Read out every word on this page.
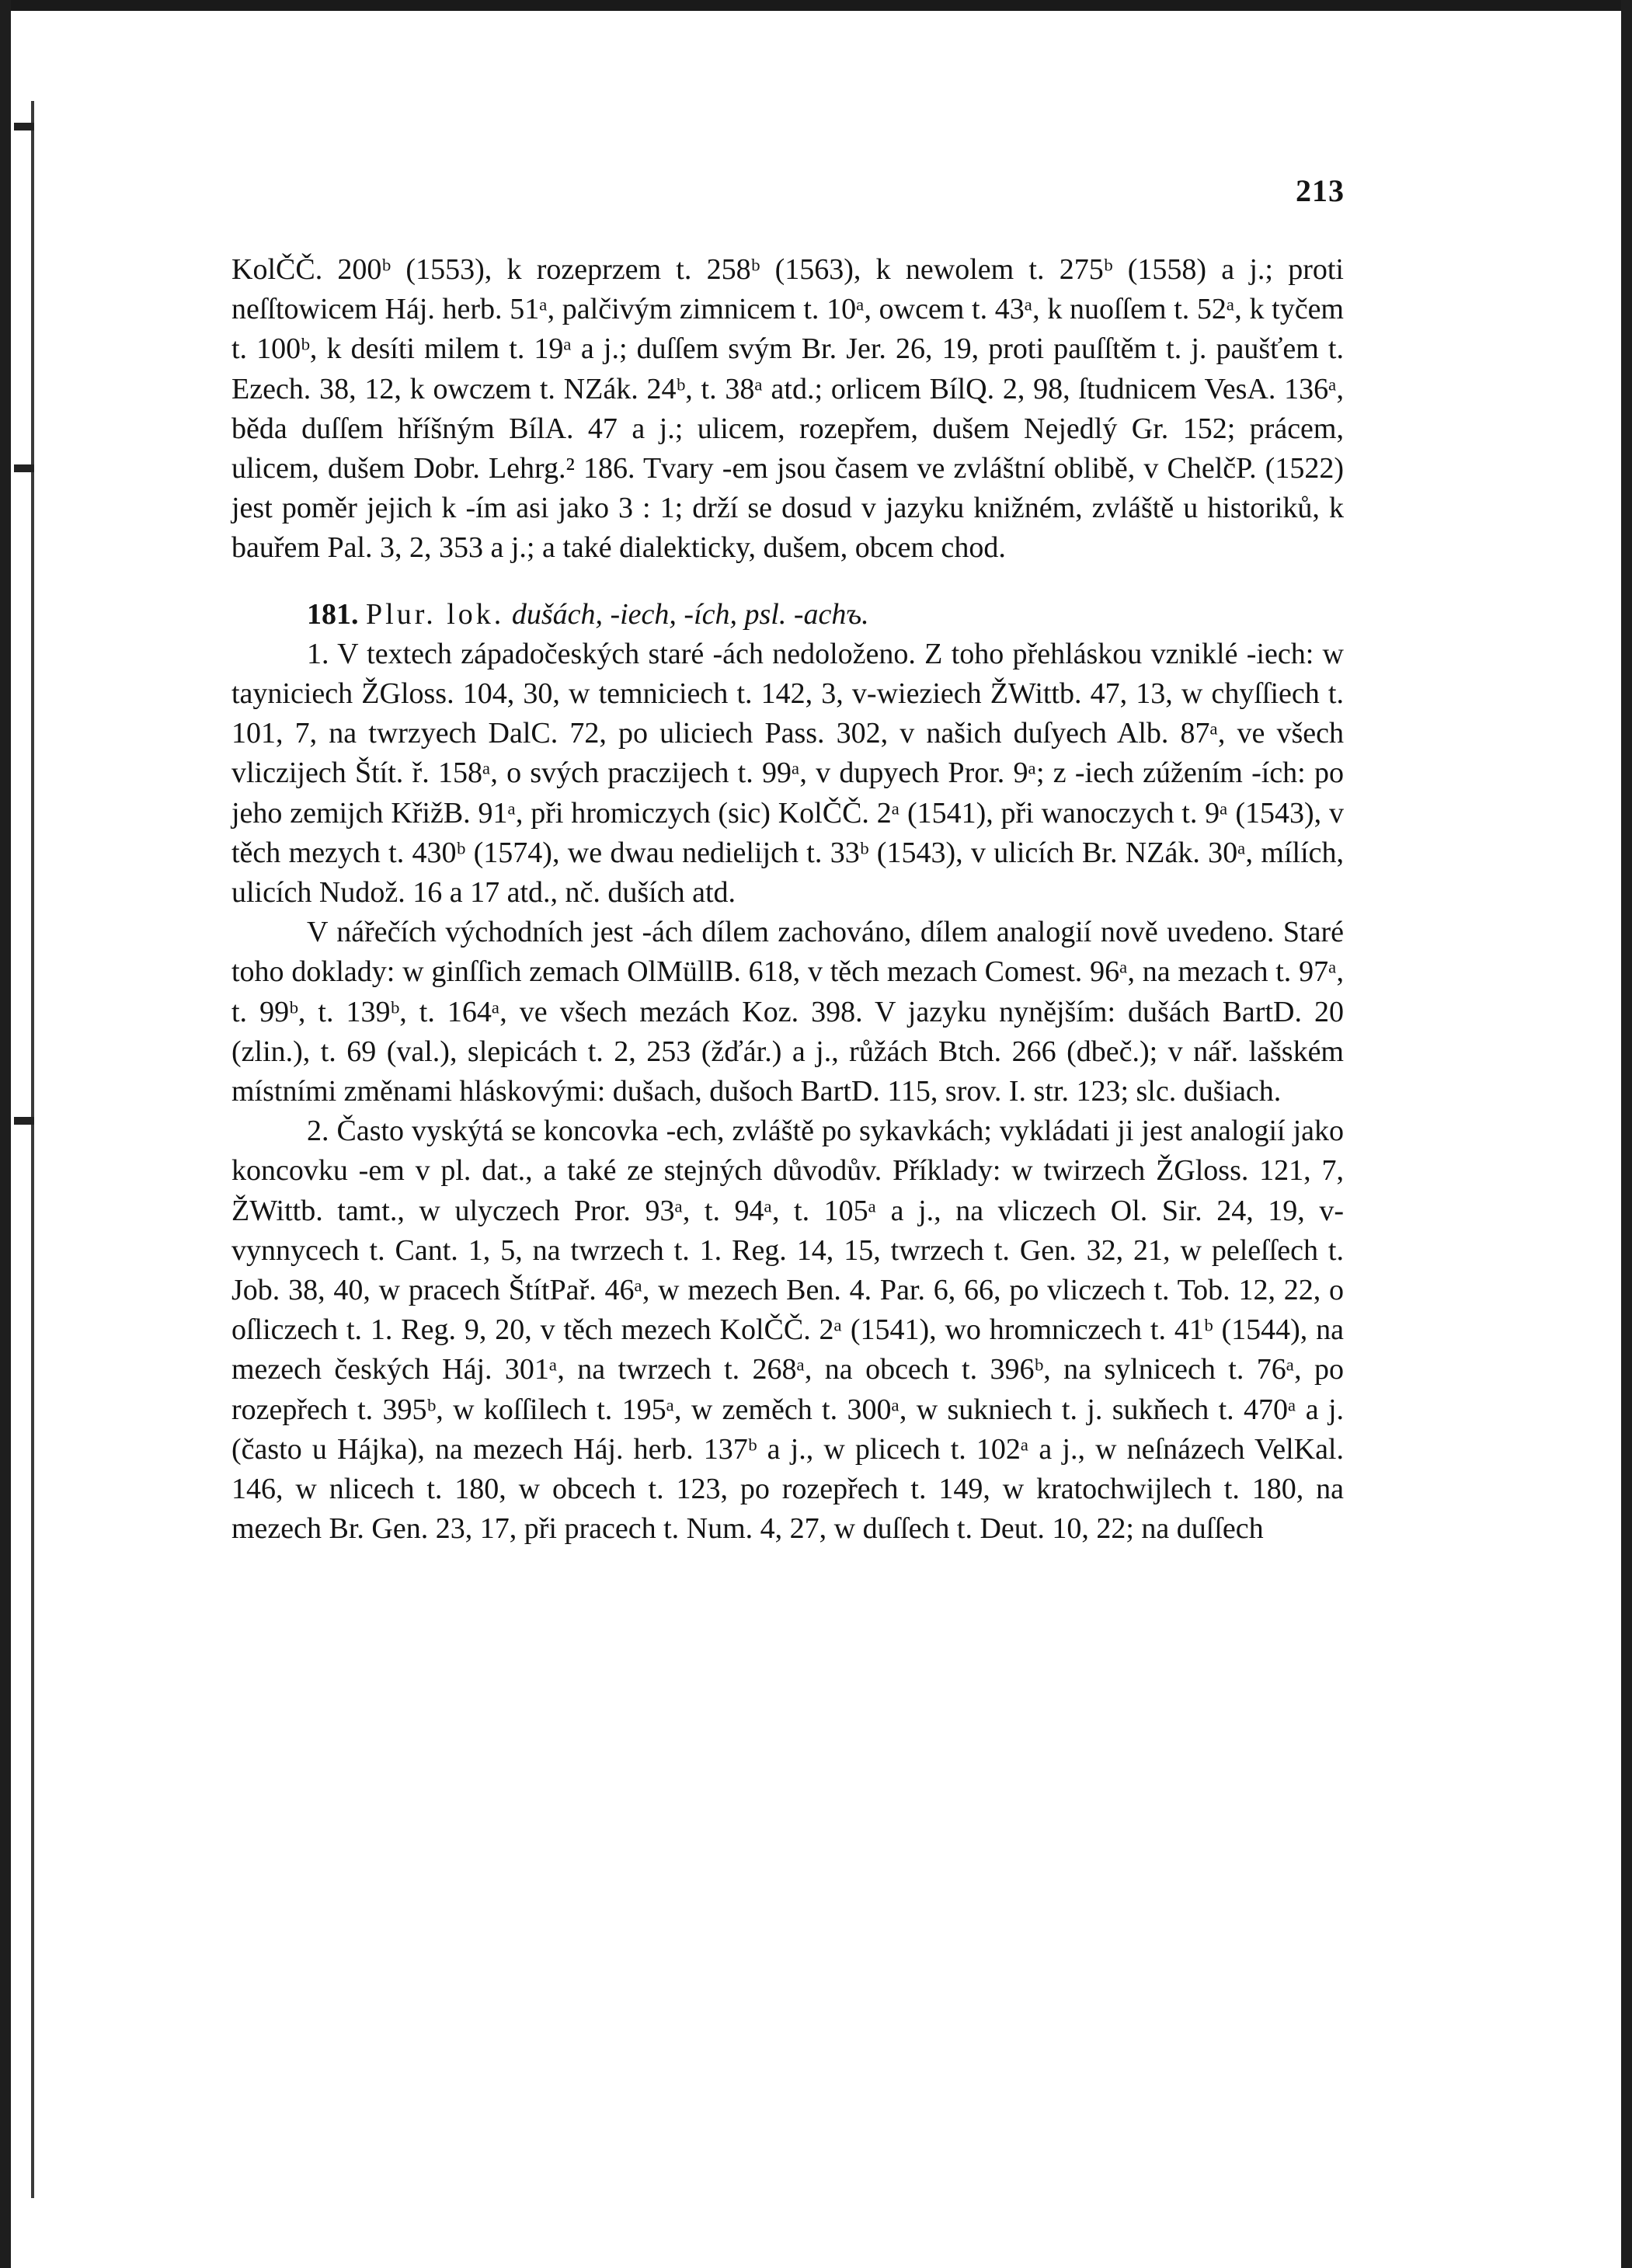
213

KolČČ. 200ᵇ (1553), k rozeprzem t. 258ᵇ (1563), k newolem t. 275ᵇ (1558) a j.; proti neſſtowicem Háj. herb. 51ᵃ, palčivým zimnicem t. 10ᵃ, owcem t. 43ᵃ, k nuoſſem t. 52ᵃ, k tyčem t. 100ᵇ, k desíti milem t. 19ᵃ a j.; duſſem svým Br. Jer. 26, 19, proti pauſſtěm t. j. paušťem t. Ezech. 38, 12, k owczem t. NZák. 24ᵇ, t. 38ᵃ atd.; orlicem BílQ. 2, 98, ſtudnicem VesA. 136ᵃ, běda duſſem hříšným BílA. 47 a j.; ulicem, rozepřem, dušem Nejedlý Gr. 152; prácem, ulicem, dušem Dobr. Lehrg.² 186. Tvary -em jsou časem ve zvláštní oblibě, v ChelčP. (1522) jest poměr jejich k -ím asi jako 3 : 1; drží se dosud v jazyku knižném, zvláště u historiků, k bauřem Pal. 3, 2, 353 a j.; a také dialekticky, dušem, obcem chod.

181. Plur. lok. dušách, -iech, -ích, psl. -achъ.

1. V textech západočeských staré -ách nedoloženo. Z toho přehláskou vzniklé -iech: w tayniciech ŽGloss. 104, 30, w temniciech t. 142, 3, v-wieziech ŽWittb. 47, 13, w chyſſiech t. 101, 7, na twrzyech DalC. 72, po uliciech Pass. 302, v našich duſyech Alb. 87ᵃ, ve všech vliczijech Štít. ř. 158ᵃ, o svých praczijech t. 99ᵃ, v dupyech Pror. 9ᵃ; z -iech zúžením -ích: po jeho zemijch KřižB. 91ᵃ, při hromiczych (sic) KolČČ. 2ᵃ (1541), při wanoczych t. 9ᵃ (1543), v těch mezych t. 430ᵇ (1574), we dwau nedielijch t. 33ᵇ (1543), v ulicích Br. NZák. 30ᵃ, mílích, ulicích Nudož. 16 a 17 atd., nč. duších atd.

V nářečích východních jest -ách dílem zachováno, dílem analogií nově uvedeno. Staré toho doklady: w ginſſich zemach OlMüllB. 618, v těch mezach Comest. 96ᵃ, na mezach t. 97ᵃ, t. 99ᵇ, t. 139ᵇ, t. 164ᵃ, ve všech mezách Koz. 398. V jazyku nynějším: dušách BartD. 20 (zlin.), t. 69 (val.), slepicách t. 2, 253 (žďár.) a j., růžách Btch. 266 (dbeč.); v nář. lašském místními změnami hláskovými: dušach, dušoch BartD. 115, srov. I. str. 123; slc. dušiach.

2. Často vyskýtá se koncovka -ech, zvláště po sykavkách; vykládati ji jest analogií jako koncovku -em v pl. dat., a také ze stejných důvodův. Příklady: w twirzech ŽGloss. 121, 7, ŽWittb. tamt., w ulyczech Pror. 93ᵃ, t. 94ᵃ, t. 105ᵃ a j., na vliczech Ol. Sir. 24, 19, v-vynnycech t. Cant. 1, 5, na twrzech t. 1. Reg. 14, 15, twrzech t. Gen. 32, 21, w peleſſech t. Job. 38, 40, w pracech ŠtítPař. 46ᵃ, w mezech Ben. 4. Par. 6, 66, po vliczech t. Tob. 12, 22, o oſliczech t. 1. Reg. 9, 20, v těch mezech KolČČ. 2ᵃ (1541), wo hromniczech t. 41ᵇ (1544), na mezech českých Háj. 301ᵃ, na twrzech t. 268ᵃ, na obcech t. 396ᵇ, na sylnicech t. 76ᵃ, po rozepřech t. 395ᵇ, w koſſilech t. 195ᵃ, w zeměch t. 300ᵃ, w sukniech t. j. sukňech t. 470ᵃ a j. (často u Hájka), na mezech Háj. herb. 137ᵇ a j., w plicech t. 102ᵃ a j., w neſnázech VelKal. 146, w nlicech t. 180, w obcech t. 123, po rozepřech t. 149, w kratochwijlech t. 180, na mezech Br. Gen. 23, 17, při pracech t. Num. 4, 27, w duſſech t. Deut. 10, 22; na duſſech
